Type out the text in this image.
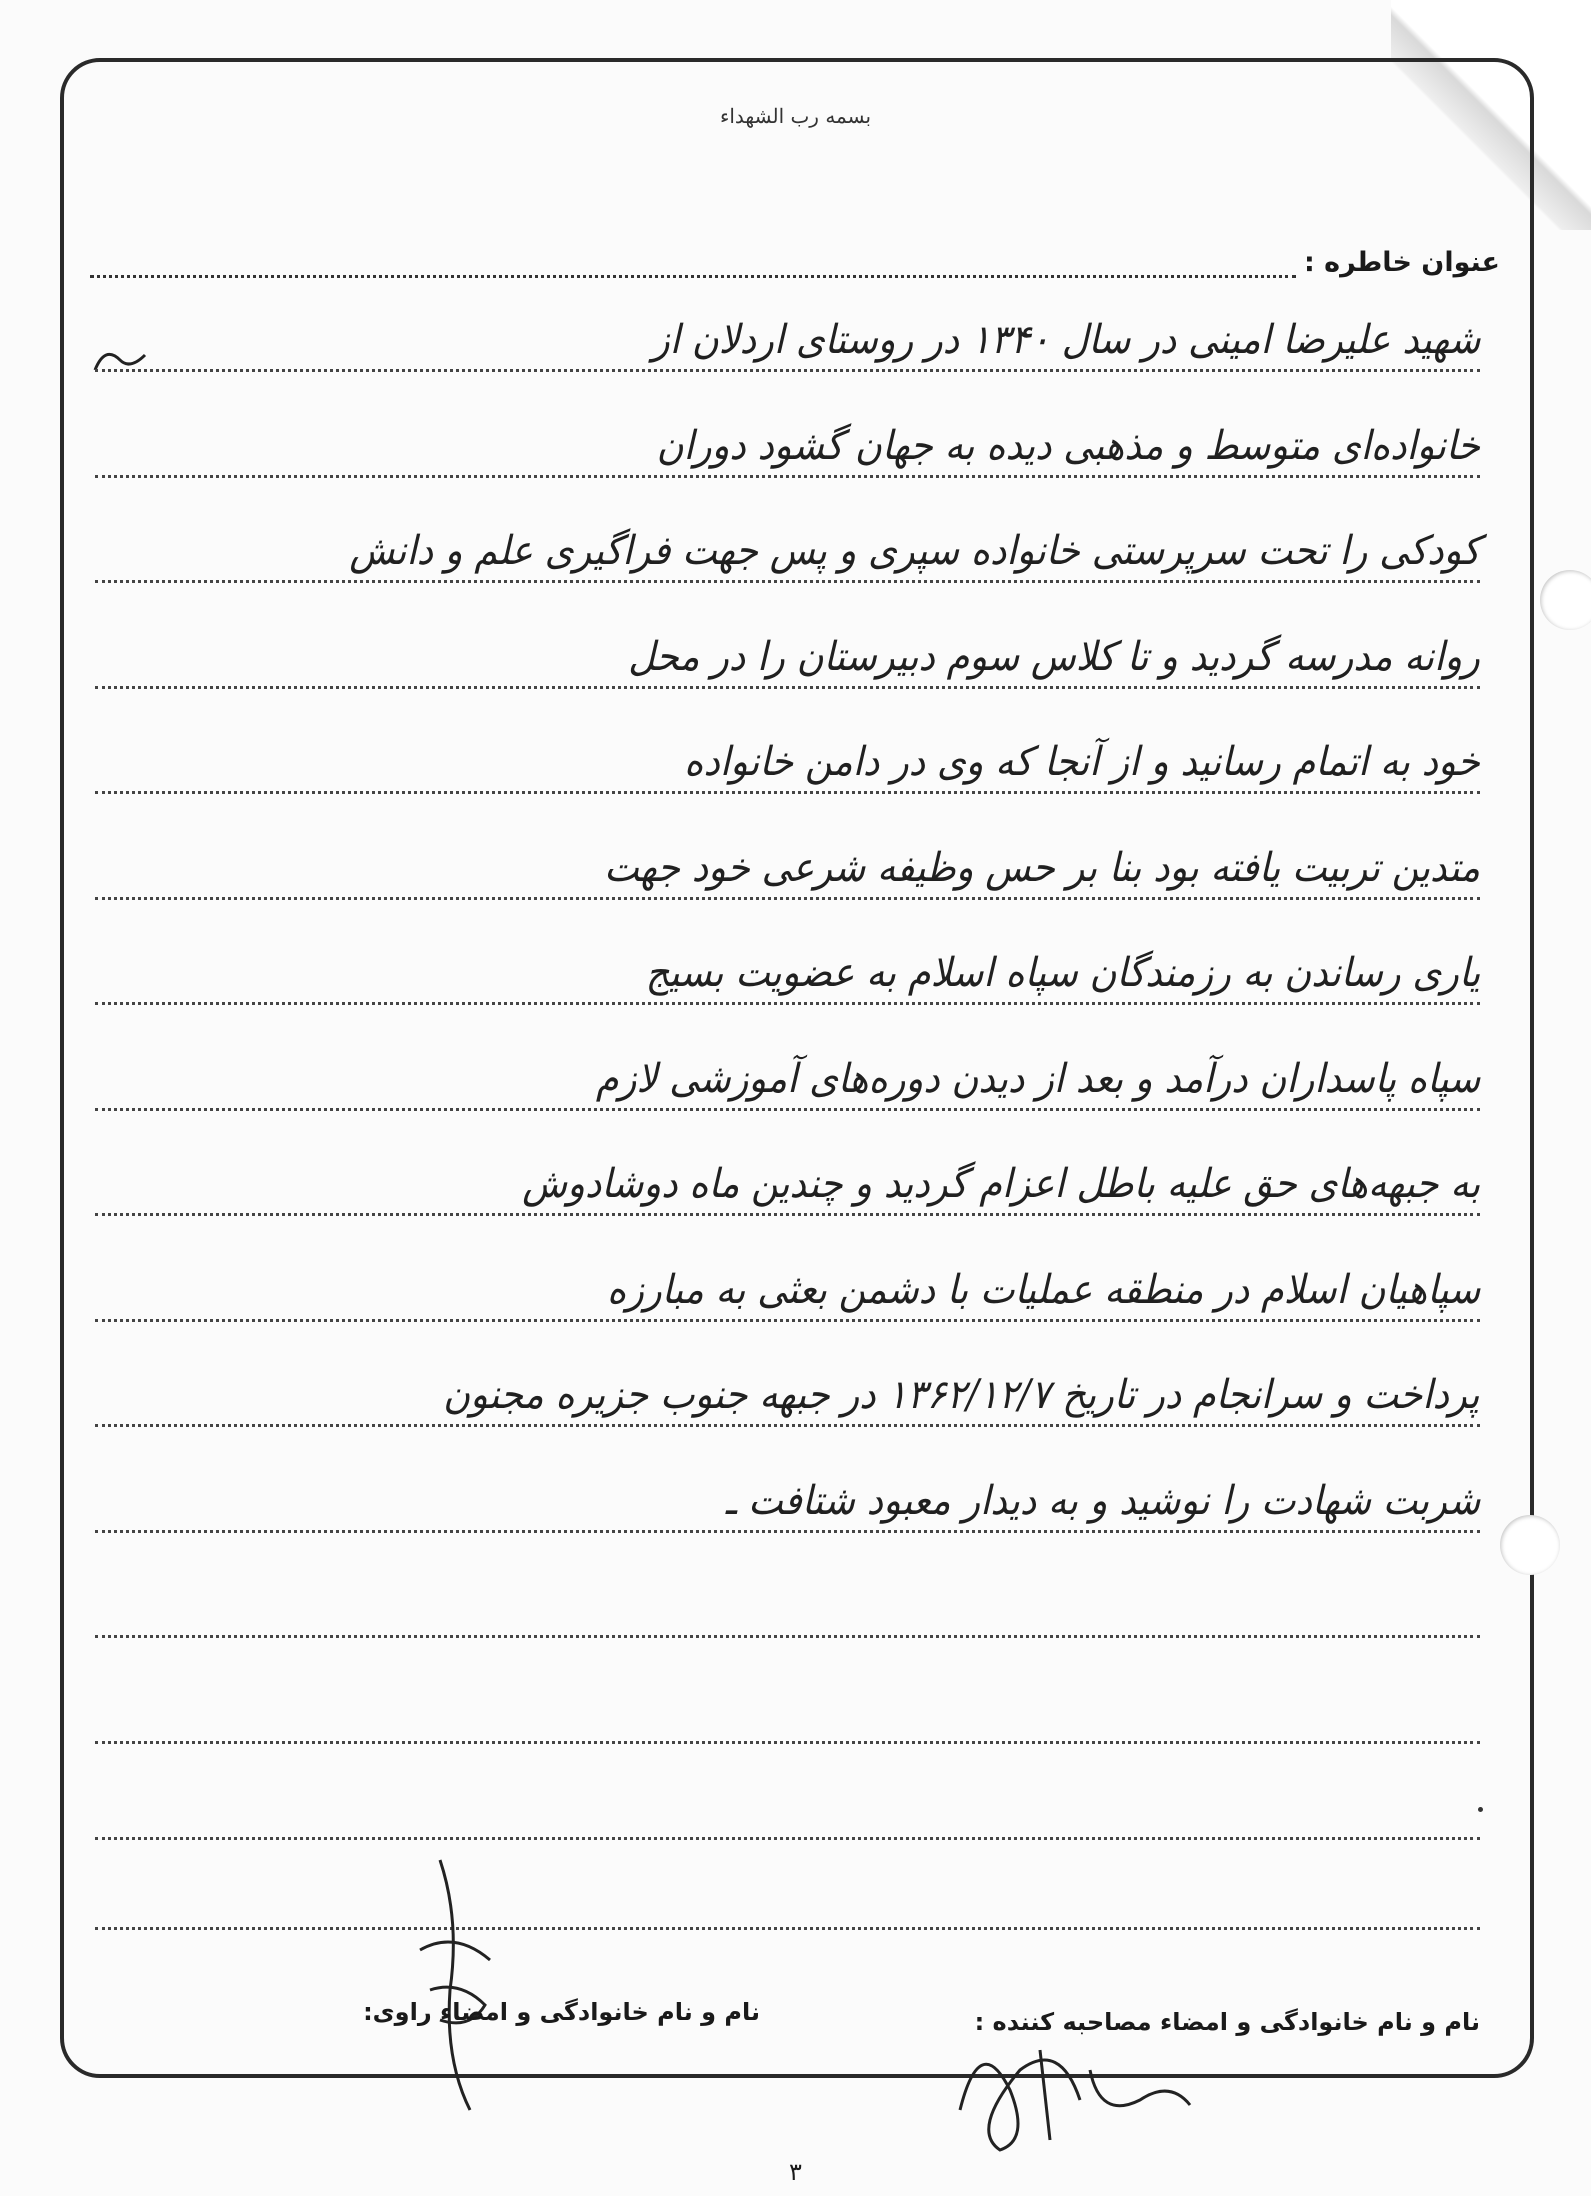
بسمه رب الشهداء
عنوان خاطره :
شهید علیرضا امینی در سال ۱۳۴۰ در روستای اردلان از
خانواده‌ای متوسط و مذهبی دیده به جهان گشود دوران
کودکی را تحت سرپرستی خانواده سپری و پس جهت فراگیری علم و دانش
روانه مدرسه گردید و تا کلاس سوم دبیرستان را در محل
خود به اتمام رسانید و از آنجا که وی در دامن خانواده
متدین تربیت یافته بود بنا بر حس وظیفه شرعی خود جهت
یاری رساندن به رزمندگان سپاه اسلام به عضویت بسیج
سپاه پاسداران درآمد و بعد از دیدن دوره‌های آموزشی لازم
به جبهه‌های حق علیه باطل اعزام گردید و چندین ماه دوشادوش
سپاهیان اسلام در منطقه عملیات با دشمن بعثی به مبارزه
پرداخت و سرانجام در تاریخ ۱۳۶۲/۱۲/۷ در جبهه جنوب جزیره مجنون
شربت شهادت را نوشید و به دیدار معبود شتافت ـ
نام و نام خانوادگی و امضاء مصاحبه کننده :
نام و نام خانوادگی و امضاء راوی:
۳
